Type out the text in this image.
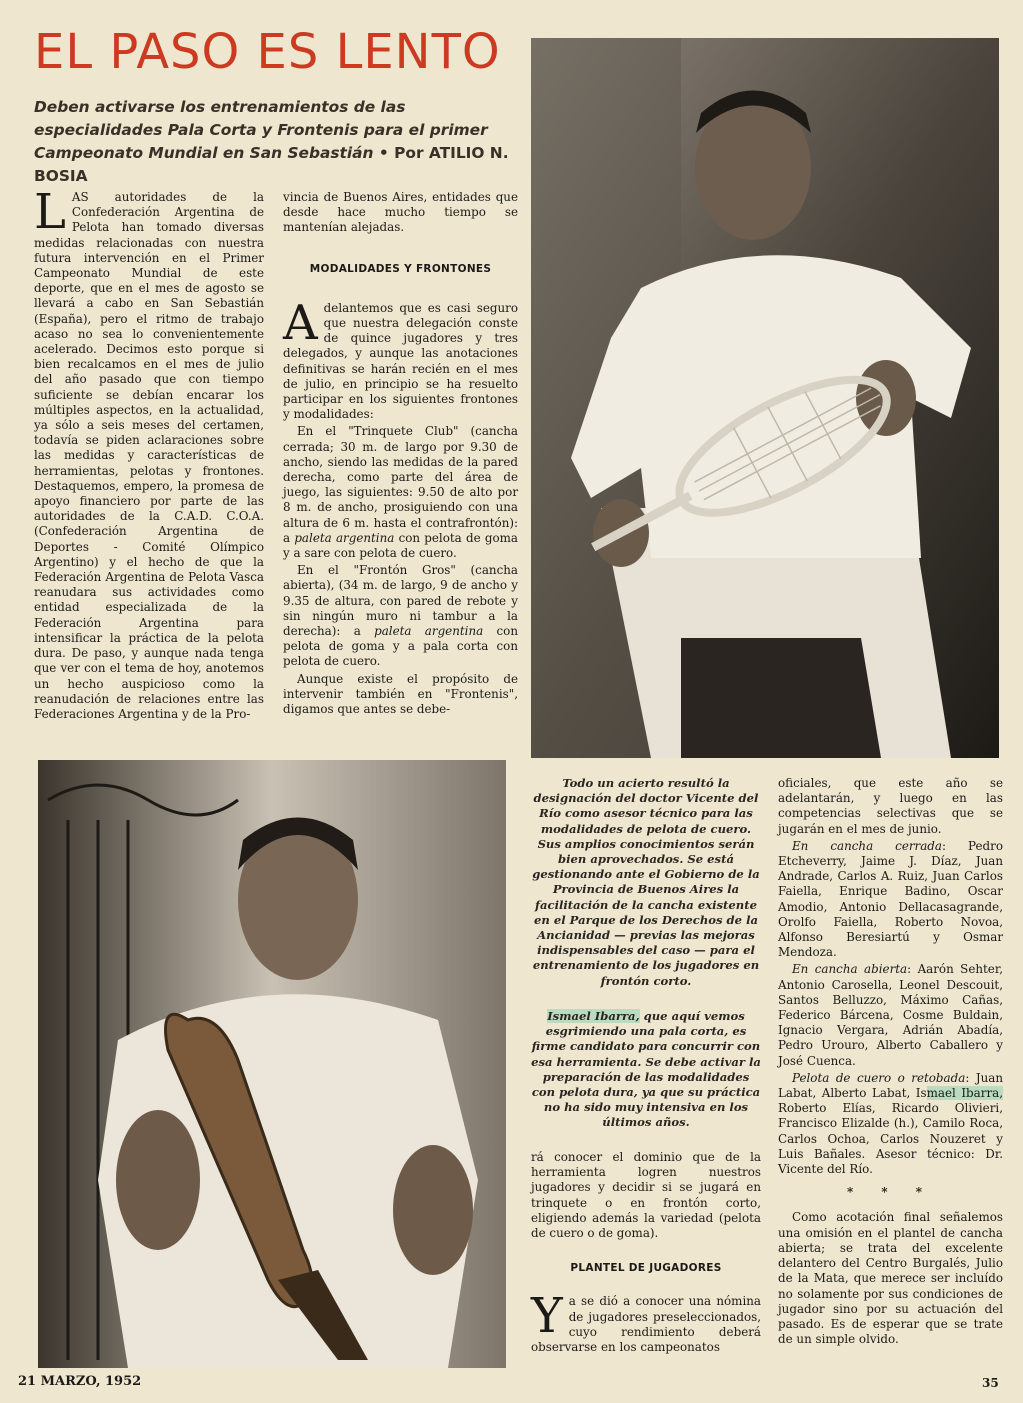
EL PASO ES LENTO
Deben activarse los entrenamientos de las especialidades Pala Corta y Frontenis para el primer Campeonato Mundial en San Sebastián • Por ATILIO N. BOSIA

LAS autoridades de la Confederación Argentina de Pelota han tomado diversas medidas relacionadas con nuestra futura intervención en el Primer Campeonato Mundial de este deporte, que en el mes de agosto se llevará a cabo en San Sebastián (España), pero el ritmo de trabajo acaso no sea lo convenientemente acelerado. Decimos esto porque si bien recalcamos en el mes de julio del año pasado que con tiempo suficiente se debían encarar los múltiples aspectos, en la actualidad, ya sólo a seis meses del certamen, todavía se piden aclaraciones sobre las medidas y características de herramientas, pelotas y frontones. Destaquemos, empero, la promesa de apoyo financiero por parte de las autoridades de la C.A.D. C.O.A. (Confederación Argentina de Deportes - Comité Olímpico Argentino) y el hecho de que la Federación Argentina de Pelota Vasca reanudara sus actividades como entidad especializada de la Federación Argentina para intensificar la práctica de la pelota dura. De paso, y aunque nada tenga que ver con el tema de hoy, anotemos un hecho auspicioso como la reanudación de relaciones entre las Federaciones Argentina y de la Pro-

vincia de Buenos Aires, entidades que desde hace mucho tiempo se mantenían alejadas.

MODALIDADES Y FRONTONES

Adelantemos que es casi seguro que nuestra delegación conste de quince jugadores y tres delegados, y aunque las anotaciones definitivas se harán recién en el mes de julio, en principio se ha resuelto participar en los siguientes frontones y modalidades:

En el "Trinquete Club" (cancha cerrada; 30 m. de largo por 9.30 de ancho, siendo las medidas de la pared derecha, como parte del área de juego, las siguientes: 9.50 de alto por 8 m. de ancho, prosiguiendo con una altura de 6 m. hasta el contrafrontón): a paleta argentina con pelota de goma y a sare con pelota de cuero.

En el "Frontón Gros" (cancha abierta), (34 m. de largo, 9 de ancho y 9.35 de altura, con pared de rebote y sin ningún muro ni tambur a la derecha): a paleta argentina con pelota de goma y a pala corta con pelota de cuero.

Aunque existe el propósito de intervenir también en "Frontenis", digamos que antes se debe-

Todo un acierto resultó la designación del doctor Vicente del Río como asesor técnico para las modalidades de pelota de cuero. Sus amplios conocimientos serán bien aprovechados. Se está gestionando ante el Gobierno de la Provincia de Buenos Aires la facilitación de la cancha existente en el Parque de los Derechos de la Ancianidad — previas las mejoras indispensables del caso — para el entrenamiento de los jugadores en frontón corto.

Ismael Ibarra, que aquí vemos esgrimiendo una pala corta, es firme candidato para concurrir con esa herramienta. Se debe activar la preparación de las modalidades con pelota dura, ya que su práctica no ha sido muy intensiva en los últimos años.

rá conocer el dominio que de la herramienta logren nuestros jugadores y decidir si se jugará en trinquete o en frontón corto, eligiendo además la variedad (pelota de cuero o de goma).

PLANTEL DE JUGADORES

Ya se dió a conocer una nómina de jugadores preseleccionados, cuyo rendimiento deberá observarse en los campeonatos

oficiales, que este año se adelantarán, y luego en las competencias selectivas que se jugarán en el mes de junio.

En cancha cerrada: Pedro Etcheverry, Jaime J. Díaz, Juan Andrade, Carlos A. Ruiz, Juan Carlos Faiella, Enrique Badino, Oscar Amodio, Antonio Dellacasagrande, Orolfo Faiella, Roberto Novoa, Alfonso Beresiartú y Osmar Mendoza.

En cancha abierta: Aarón Sehter, Antonio Carosella, Leonel Descouit, Santos Belluzzo, Máximo Cañas, Federico Bárcena, Cosme Buldain, Ignacio Vergara, Adrián Abadía, Pedro Urouro, Alberto Caballero y José Cuenca.

Pelota de cuero o retobada: Juan Labat, Alberto Labat, Ismael Ibarra, Roberto Elías, Ricardo Olivieri, Francisco Elizalde (h.), Camilo Roca, Carlos Ochoa, Carlos Nouzeret y Luis Bañales. Asesor técnico: Dr. Vicente del Río.

* * *

Como acotación final señalemos una omisión en el plantel de cancha abierta; se trata del excelente delantero del Centro Burgalés, Julio de la Mata, que merece ser incluído no solamente por sus condiciones de jugador sino por su actuación del pasado. Es de esperar que se trate de un simple olvido.

21 MARZO, 1952	35
